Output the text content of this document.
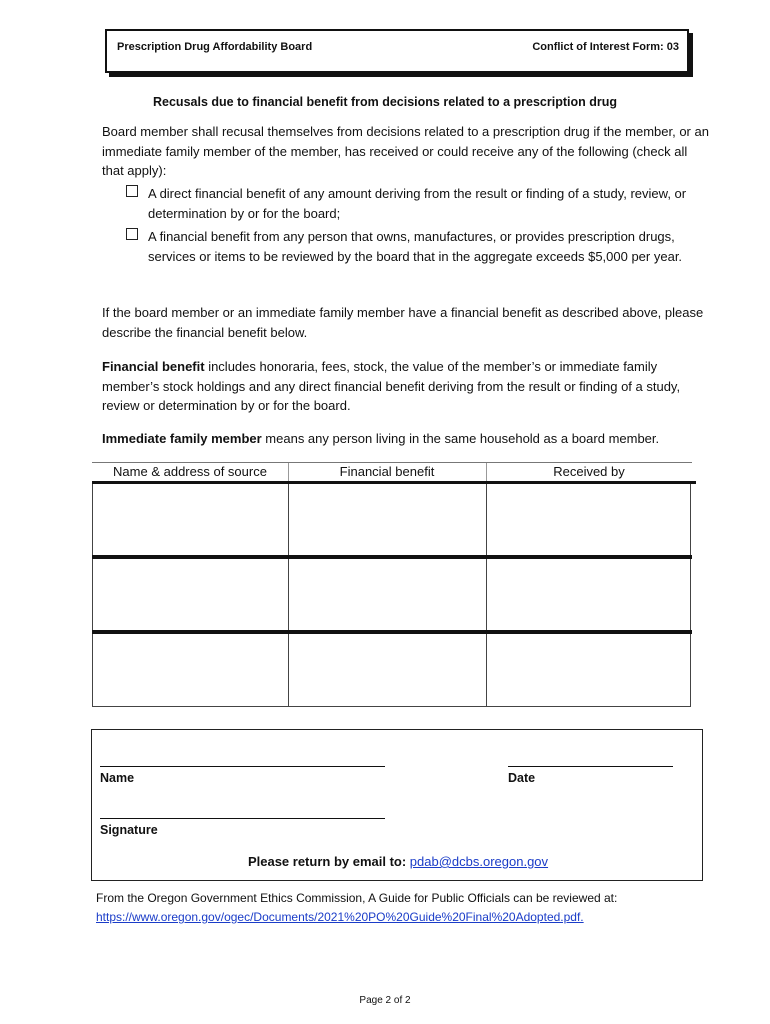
Prescription Drug Affordability Board	Conflict of Interest Form: 03
Recusals due to financial benefit from decisions related to a prescription drug
Board member shall recusal themselves from decisions related to a prescription drug if the member, or an immediate family member of the member, has received or could receive any of the following (check all that apply):
A direct financial benefit of any amount deriving from the result or finding of a study, review, or determination by or for the board;
A financial benefit from any person that owns, manufactures, or provides prescription drugs, services or items to be reviewed by the board that in the aggregate exceeds $5,000 per year.
If the board member or an immediate family member have a financial benefit as described above, please describe the financial benefit below.
Financial benefit includes honoraria, fees, stock, the value of the member’s or immediate family member’s stock holdings and any direct financial benefit deriving from the result or finding of a study, review or determination by or for the board.
Immediate family member means any person living in the same household as a board member.
Name & address of source	Financial benefit	Received by
Name	Date
Signature
Please return by email to: pdab@dcbs.oregon.gov
From the Oregon Government Ethics Commission, A Guide for Public Officials can be reviewed at:
https://www.oregon.gov/ogec/Documents/2021%20PO%20Guide%20Final%20Adopted.pdf.
Page 2 of 2
